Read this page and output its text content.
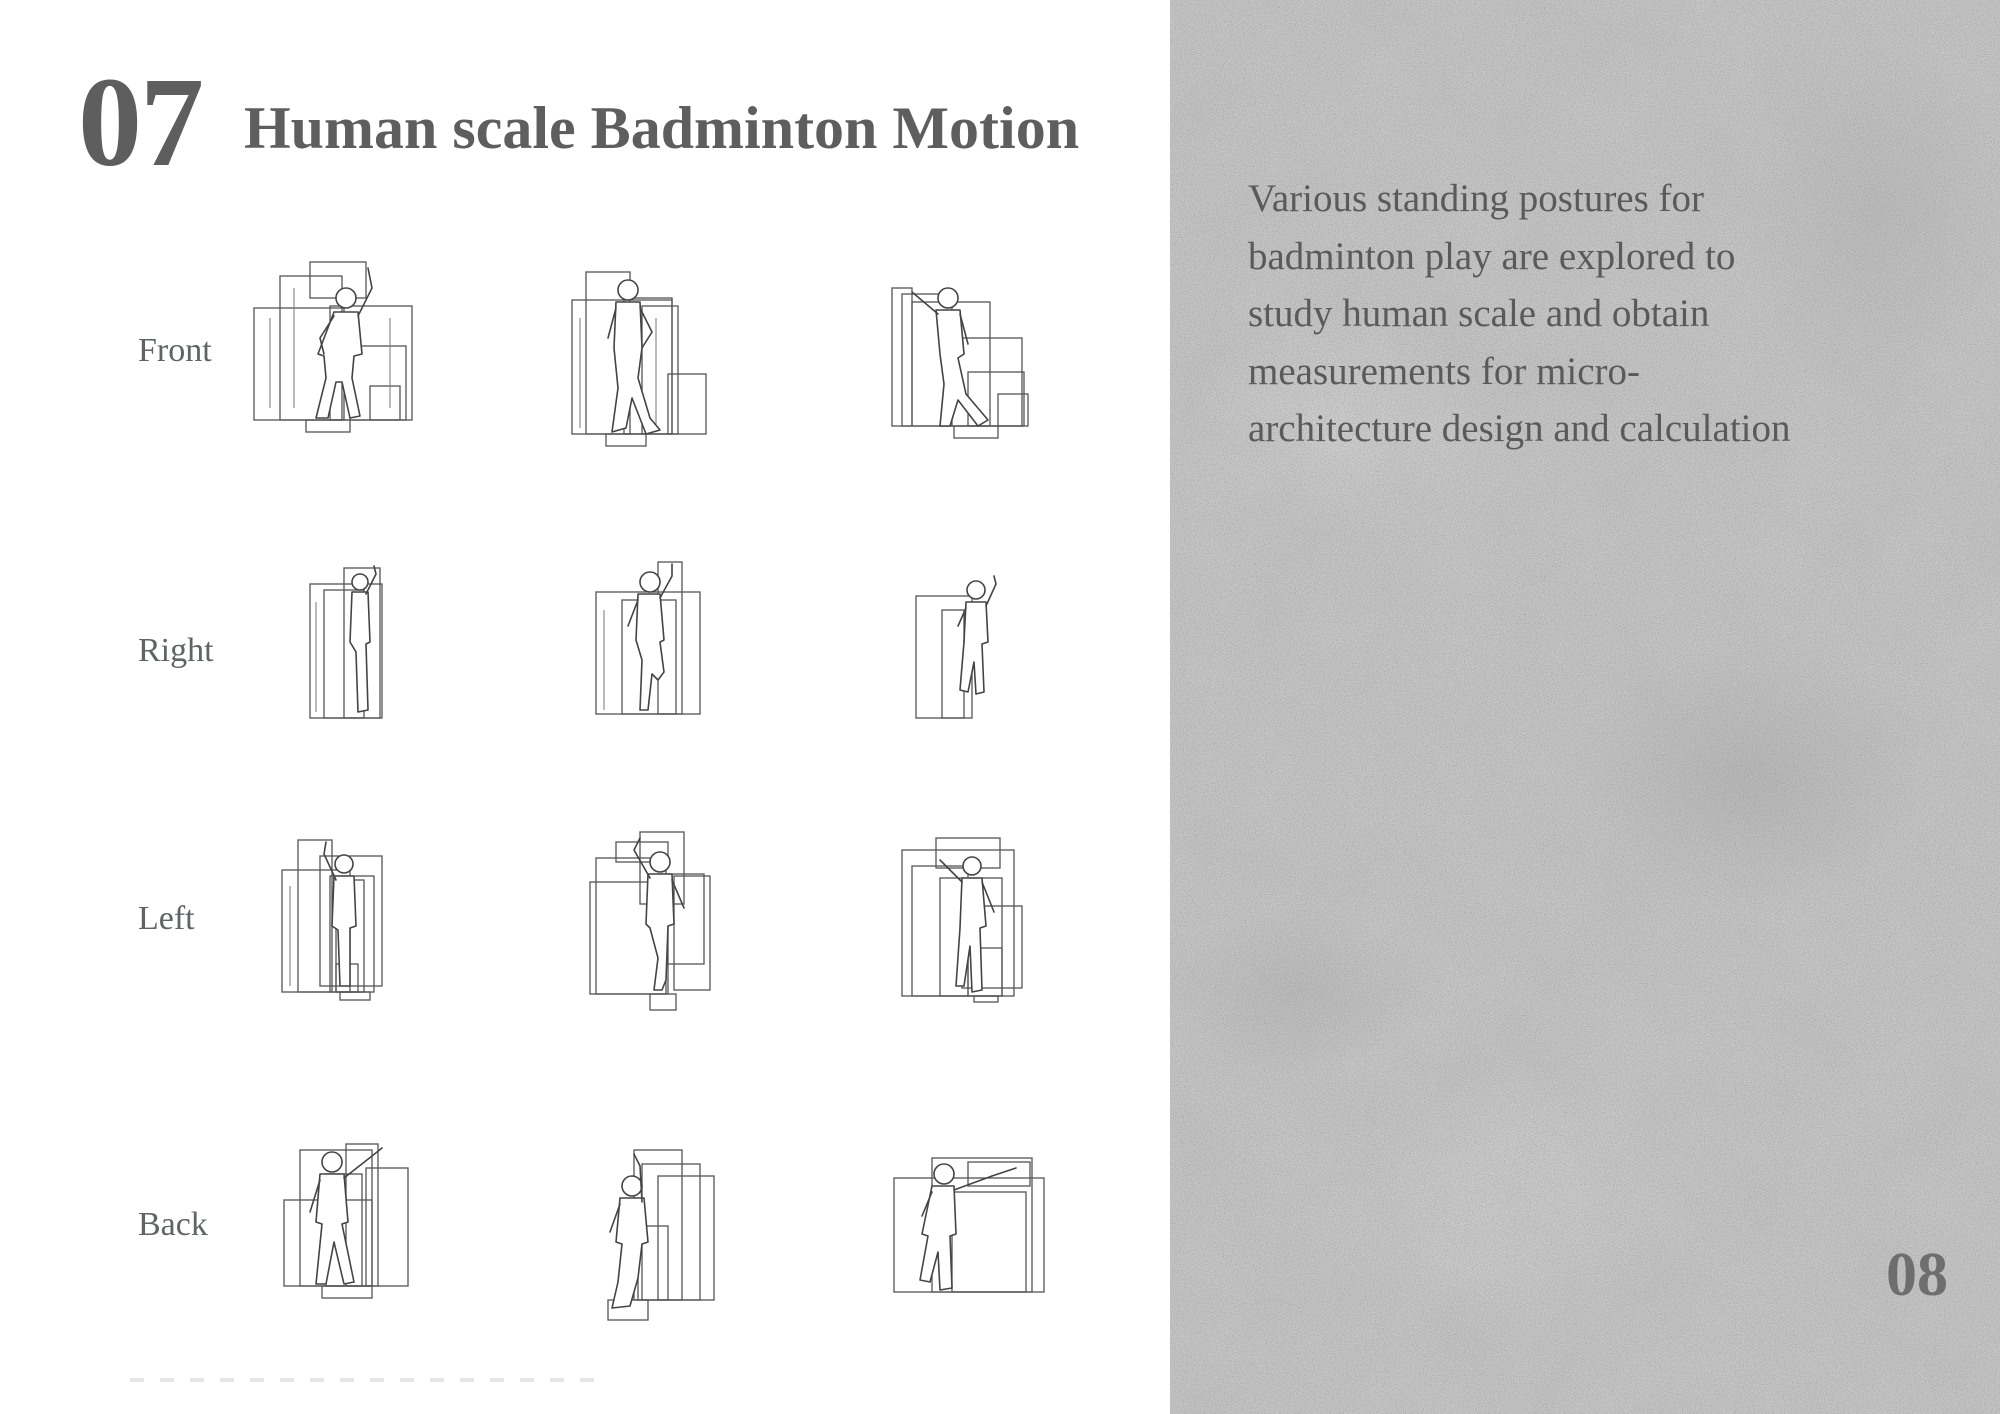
07 Human scale Badminton Motion
Front
Right
Left
Back
Various standing postures for badminton play are explored to study human scale and obtain measurements for micro-architecture design and calculation
08
